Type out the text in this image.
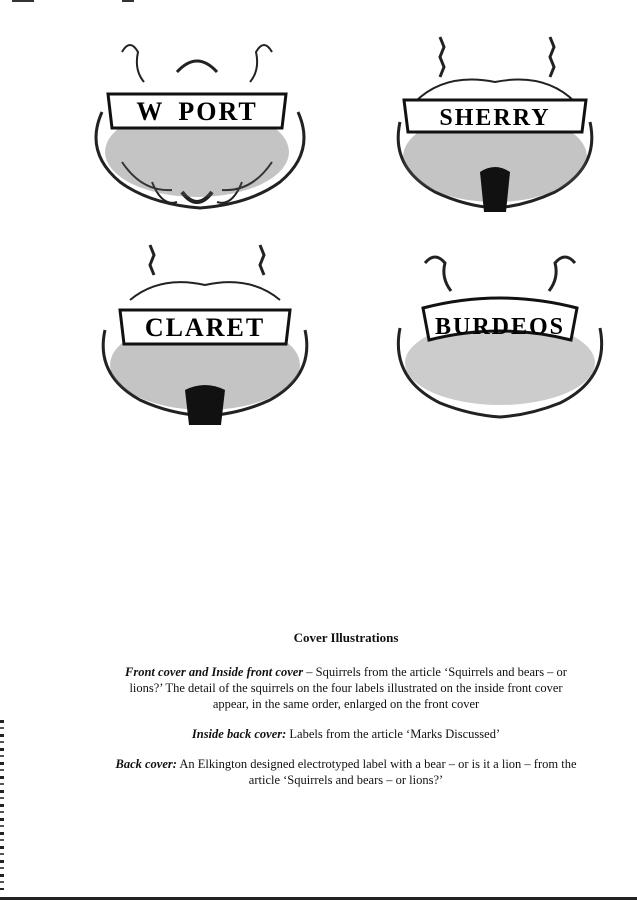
W PORT	SHERRY
CLARET	BURDEOS
Cover Illustrations

Front cover and Inside front cover – Squirrels from the article ‘Squirrels and bears – or lions?’ The detail of the squirrels on the four labels illustrated on the inside front cover appear, in the same order, enlarged on the front cover

Inside back cover: Labels from the article ‘Marks Discussed’

Back cover: An Elkington designed electrotyped label with a bear – or is it a lion – from the article ‘Squirrels and bears – or lions?’
